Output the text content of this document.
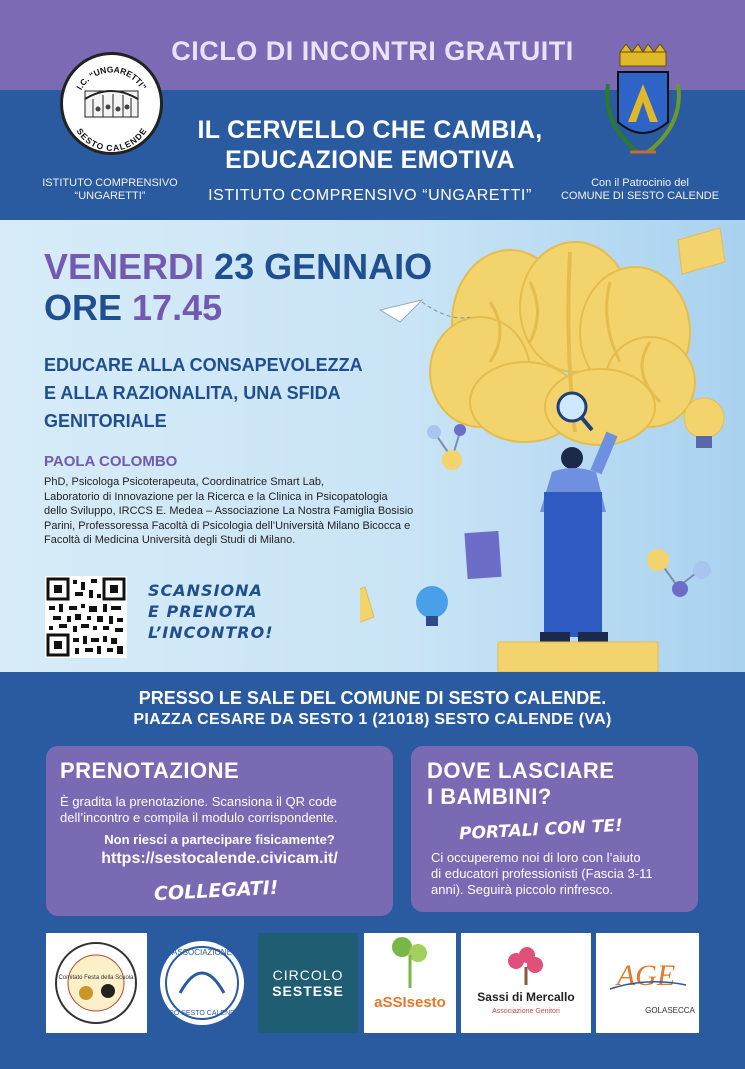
CICLO DI INCONTRI GRATUITI
I.C. “UNGARETTI”
SESTO CALENDE
ISTITUTO COMPRENSIVO
“UNGARETTI”
IL CERVELLO CHE CAMBIA,
EDUCAZIONE EMOTIVA
ISTITUTO COMPRENSIVO “UNGARETTI”
Con il Patrocinio del
COMUNE DI SESTO CALENDE
VENERDI 23 GENNAIO
ORE 17.45
EDUCARE ALLA CONSAPEVOLEZZA
E ALLA RAZIONALITA, UNA SFIDA
GENITORIALE
PAOLA COLOMBO
PhD, Psicologa Psicoterapeuta, Coordinatrice Smart Lab,
Laboratorio di Innovazione per la Ricerca e la Clinica in Psicopatologia
dello Sviluppo, IRCCS E. Medea – Associazione La Nostra Famiglia Bosisio
Parini, Professoressa Facoltà di Psicologia dell’Università Milano Bicocca e
Facoltà di Medicina Università degli Studi di Milano.
SCANSIONA
E PRENOTA
L’INCONTRO!
PRESSO LE SALE DEL COMUNE DI SESTO CALENDE.
PIAZZA CESARE DA SESTO 1 (21018) SESTO CALENDE (VA)
PRENOTAZIONE
È gradita la prenotazione. Scansiona il QR code
dell’incontro e compila il modulo corrispondente.
Non riesci a partecipare fisicamente?
https://sestocalende.civicam.it/
COLLEGATI!
DOVE LASCIARE
I BAMBINI?
PORTALI CON TE!
Ci occuperemo noi di loro con l’aiuto
di educatori professionisti (Fascia 3-11
anni). Seguirà piccolo rinfresco.
Comitato Festa della Scuola
ASSOCIAZIONE
PRO SESTO CALENDE
CIRCOLO
SESTESE
aSSIsesto	Sassi di Mercallo
Associazione Genitori
AGE
GOLASECCA
